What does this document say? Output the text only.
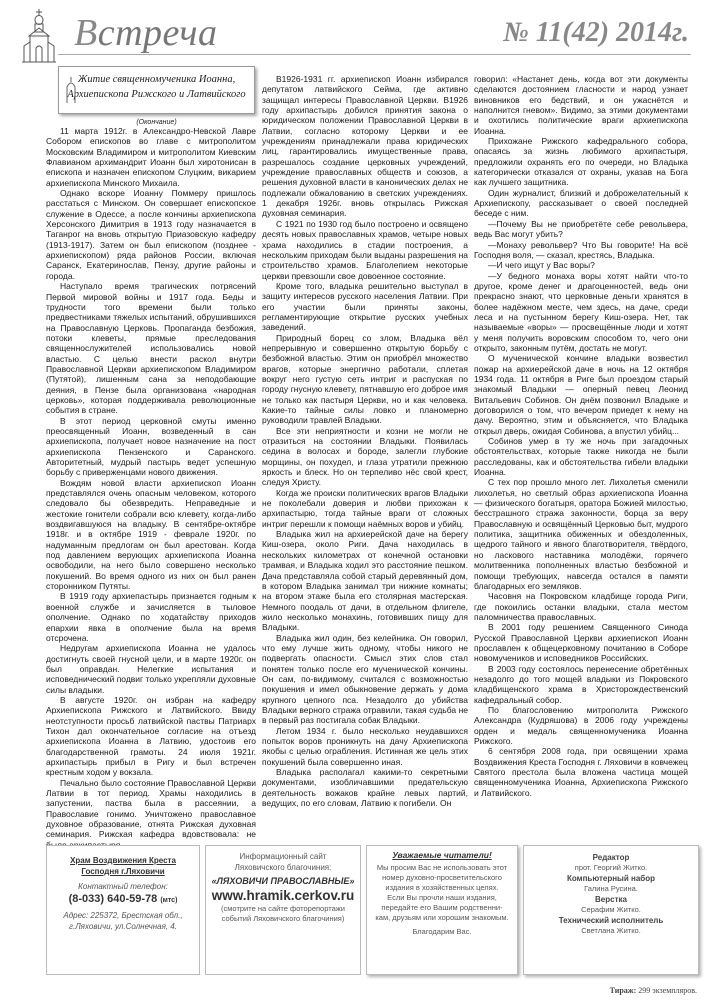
Встреча	№ 11(42) 2014г.
Житие священномученика Иоанна,
Архиепископа Рижского и Латвийского
(Окончание)

11 марта 1912г. в Александро-Невской Лавре Собором епископов во главе с митрополитом Московским Владимиром и митрополитом Киевским Флавианом архимандрит Иоанн был хиротонисан в епископа и назначен епископом Слуцким, викарием архиепископа Минского Михаила.

Однако вскоре Иоанну Поммеру пришлось расстаться с Минском. Он совершает епископское служение в Одессе, а после кончины архиепископа Херсонского Димитрия в 1913 году назначается в Таганрог на вновь открытую Приазовскую кафедру (1913-1917). Затем он был епископом (позднее - архиепископом) ряда районов России, включая Саранск, Екатеринослав, Пензу, другие районы и города.

Наступало время трагических потрясений Первой мировой войны и 1917 года. Беды и трудности того времени были только предвестниками тяжелых испытаний, обрушившихся на Православную Церковь. Пропаганда безбожия, потоки клеветы, прямые преследования священнослужителей использовались новой властью. С целью внести раскол внутри Православной Церкви архиепископом Владимиром (Путятой), лишенным сана за неподобающие деяния, в Пензе была организована «народная церковь», которая поддерживала революционные события в стране.

В этот период церковной смуты именно преосвященный Иоанн, возведенный в сан архиепископа, получает новое назначение на пост архиепископа Пензенского и Саранского. Авторитетный, мудрый пастырь ведет успешную борьбу с приверженцами нового движения.

Вождям новой власти архиепископ Иоанн представлялся очень опасным человеком, которого следовало бы обезвредить. Неправедные и жестокие гонители собрали всю клевету, когда-либо воздвигавшуюся на владыку. В сентябре-октябре 1918г. и в октябре 1919 - феврале 1920г. по надуманным предлогам он был арестован. Когда под давлением верующих архиепископа Иоанна освободили, на него было совершено несколько покушений. Во время одного из них он был ранен сторонником Путяты.

В 1919 году архиепастырь признается годным к военной службе и зачисляется в тыловое ополчение. Однако по ходатайству приходов епархии явка в ополчение была на время отсрочена.

Недругам архиепископа Иоанна не удалось достигнуть своей гнусной цели, и в марте 1920г. он был оправдан. Нелегкие испытания и исповеднический подвиг только укрепляли духовные силы владыки.

В августе 1920г. он избран на кафедру Архиепископа Рижского и Латвийского. Ввиду неотступности просьб латвийской паствы Патриарх Тихон дал окончательное согласие на отъезд архиепископа Иоанна в Латвию, удостоив его благодарственной грамоты. 24 июля 1921г. архипастырь прибыл в Ригу и был встречен крестным ходом у вокзала.

Печально было состояние Православной Церкви Латвии в тот период. Храмы находились в запустении, паства была в рассеянии, а Православие гонимо. Уничтожено православное духовное образование, отнята Рижская духовная семинария. Рижская кафедра вдовствовала: не

В1926-1931 гг. архиепископ Иоанн избирался депутатом латвийского Сейма, где активно защищал интересы Православной Церкви. В1926 году архипастырь добился принятия закона о юридическом положении Православной Церкви в Латвии, согласно которому Церкви и ее учреждениям принадлежали права юридических лиц, гарантировались имущественные права, разрешалось создание церковных учреждений, учреждение православных обществ и союзов, а решения духовной власти в канонических делах не подлежали обжалованию в светских учреждениях. 1 декабря 1926г. вновь открылась Рижская духовная семинария.

С 1921 по 1930 год было построено и освящено десять новых православных храмов, четыре новых храма находились в стадии построения, а нескольким приходам были выданы разрешения на строительство храмов. Благолепием некоторые церкви превзошли свое довоенное состояние.

Кроме того, владыка решительно выступал в защиту интересов русского населения Латвии. При его участии были приняты законы, регламентирующие открытие русских учебных заведений.

Природный борец со злом, Владыка вёл непрерывную и совершенно открытую борьбу с безбожной властью. Этим он приобрёл множество врагов, которые энергично работали, сплетая вокруг него густую сеть интриг и распуская по городу гнусную клевету, пятнавшую его доброе имя не только как пастыря Церкви, но и как человека. Какие-то тайные силы ловко и планомерно руководили травлей Владыки.

Все эти неприятности и козни не могли не отразиться на состоянии Владыки. Появилась седина в волосах и бороде, залегли глубокие морщины, он похудел, и глаза утратили прежнюю яркость и блеск. Но он терпеливо нёс свой крест, следуя Христу.

Когда же происки политических врагов Владыки не поколебали доверия и любви прихожан к архипастырю, тогда тайные враги от сложных интриг перешли к помощи наёмных воров и убийц.

Владыка жил на архиерейской даче на берегу Киш-озера, около Риги. Дача находилась в нескольких километрах от конечной остановки трамвая, и Владыка ходил это расстояние пешком. Дача представляла собой старый деревянный дом, в котором Владыка занимал три нижние комнаты; на втором этаже была его столярная мастерская. Немного поодаль от дачи, в отдельном флигеле, жило несколько монахинь, готовивших пищу для Владыки.

Владыка жил один, без келейника. Он говорил, что ему лучше жить одному, чтобы никого не подвергать опасности. Смысл этих слов стал понятен только после его мученической кончины. Он сам, по-видимому, считался с возможностью покушения и имел обыкновение держать у дома крупного цепного пса. Незадолго до убийства Владыки верного стража отравили, такая судьба не в первый раз постигала собак Владыки.

Летом 1934 г. было несколько неудавшихся попыток воров проникнуть на дачу Архиепископа якобы с целью ограбления. Истинная же цель этих покушений была совершенно иная.

Владыка располагал какими-то секретными документами, изобличавшими предательскую деятельность вожаков крайне левых партий, ведущих, по его словам, Латвию к погибели. Он

говорил: «Настанет день, когда вот эти документы сделаются достоянием гласности и народ узнает виновников его бедствий, и он ужаснётся и наполнится гневом». Видимо, за этими документами и охотились политические враги архиепископа Иоанна.

Прихожане Рижского кафедрального собора, опасаясь за жизнь любимого архипастыря, предложили охранять его по очереди, но Владыка категорически отказался от охраны, указав на Бога как лучшего защитника.

Один журналист, близкий и доброжелательный к Архиепископу, рассказывает о своей последней беседе с ним.

—Почему Вы не приобретёте себе револьвера, ведь Вас могут убить?

—Монаху револьвер? Что Вы говорите! На всё Господня воля, — сказал, крестясь, Владыка.

—И чего ищут у Вас воры?

—У бедного монаха воры хотят найти что-то другое, кроме денег и драгоценностей, ведь они прекрасно знают, что церковные деньги хранятся в более надёжном месте, чем здесь, на даче, среди леса и на пустынном берегу Киш-озера. Нет, так называемые «воры» — просвещённые люди и хотят у меня получить воровским способом то, чего они открыто, законным путём, достать не могут.

О мученической кончине владыки возвестил пожар на архиерейской даче в ночь на 12 октября 1934 года. 11 октября в Риге был проездом старый знакомый Владыки — оперный певец Леонид Витальевич Собинов. Он днём позвонил Владыке и договорился о том, что вечером приедет к нему на дачу. Вероятно, этим и объясняется, что Владыка открыл дверь, ожидая Собинова, а впустил убийц...

Собинов умер в ту же ночь при загадочных обстоятельствах, которые также никогда не были расследованы, как и обстоятельства гибели владыки Иоанна.

С тех пор прошло много лет. Лихолетья сменили лихолетья, но светлый образ архиепископа Иоанна — физического богатыря, оратора Божией милостью, бесстрашного стража законности, борца за веру Православную и освящённый Церковью быт, мудрого политика, защитника обиженных и обездоленных, щедрого тайного и явного благотворителя, твёрдого, но ласкового наставника молодёжи, горячего молитвенника пополненных властью безбожной и помощи требующих, навсегда остался в памяти благодарных его земляков.

Часовня на Покровском кладбище города Риги, где покоились останки владыки, стала местом паломничества православных.

В 2001 году решением Священного Синода Русской Православной Церкви архиепископ Иоанн прославлен к общецерковному почитанию в Соборе новомучеников и исповедников Российских.

В 2003 году состоялось перенесение обретённых незадолго до того мощей владыки из Покровского кладбищенского храма в Христорождественский кафедральный собор.

По благословению митрополита Рижского Александра (Кудряшова) в 2006 году учреждены орден и медаль священномученика Иоанна Рижского.

6 сентября 2008 года, при освящении храма Воздвижения Креста Господня г. Ляховичи в ковчежец Святого престола была вложена частица мощей священномученика Иоанна, Архиепископа Рижского и Латвийского.

Храм Воздвижения Креста
Господня г.Ляховичи
Контактный телефон:
(8-033) 640-59-78 (мтс)
Адрес: 225372, Брестская обл.,
г.Ляховичи, ул.Солнечная, 4.
Информационный сайт
Ляховичского благочиния:
«ЛЯХОВИЧИ ПРАВОСЛАВНЫЕ»
www.hramik.cerkov.ru
(смотрите на сайте фоторепортажи
событий Ляховичского благочиния)
Уважаемые читатели!
Мы просим Вас не использовать этот
номер духовно-просветительского
издания в хозяйственных целях.
Если Вы прочли наши издания,
передайте его Вашим родственни-
кам, друзьям или хорошим знакомым.
Благодарим Вас.
Редактор
прот. Георгий Житко.
Компьютерный набор
Галина Русина.
Верстка
Серафим Житко.
Технический исполнитель
Светлана Житко.
Тираж: 299 экземпляров.
